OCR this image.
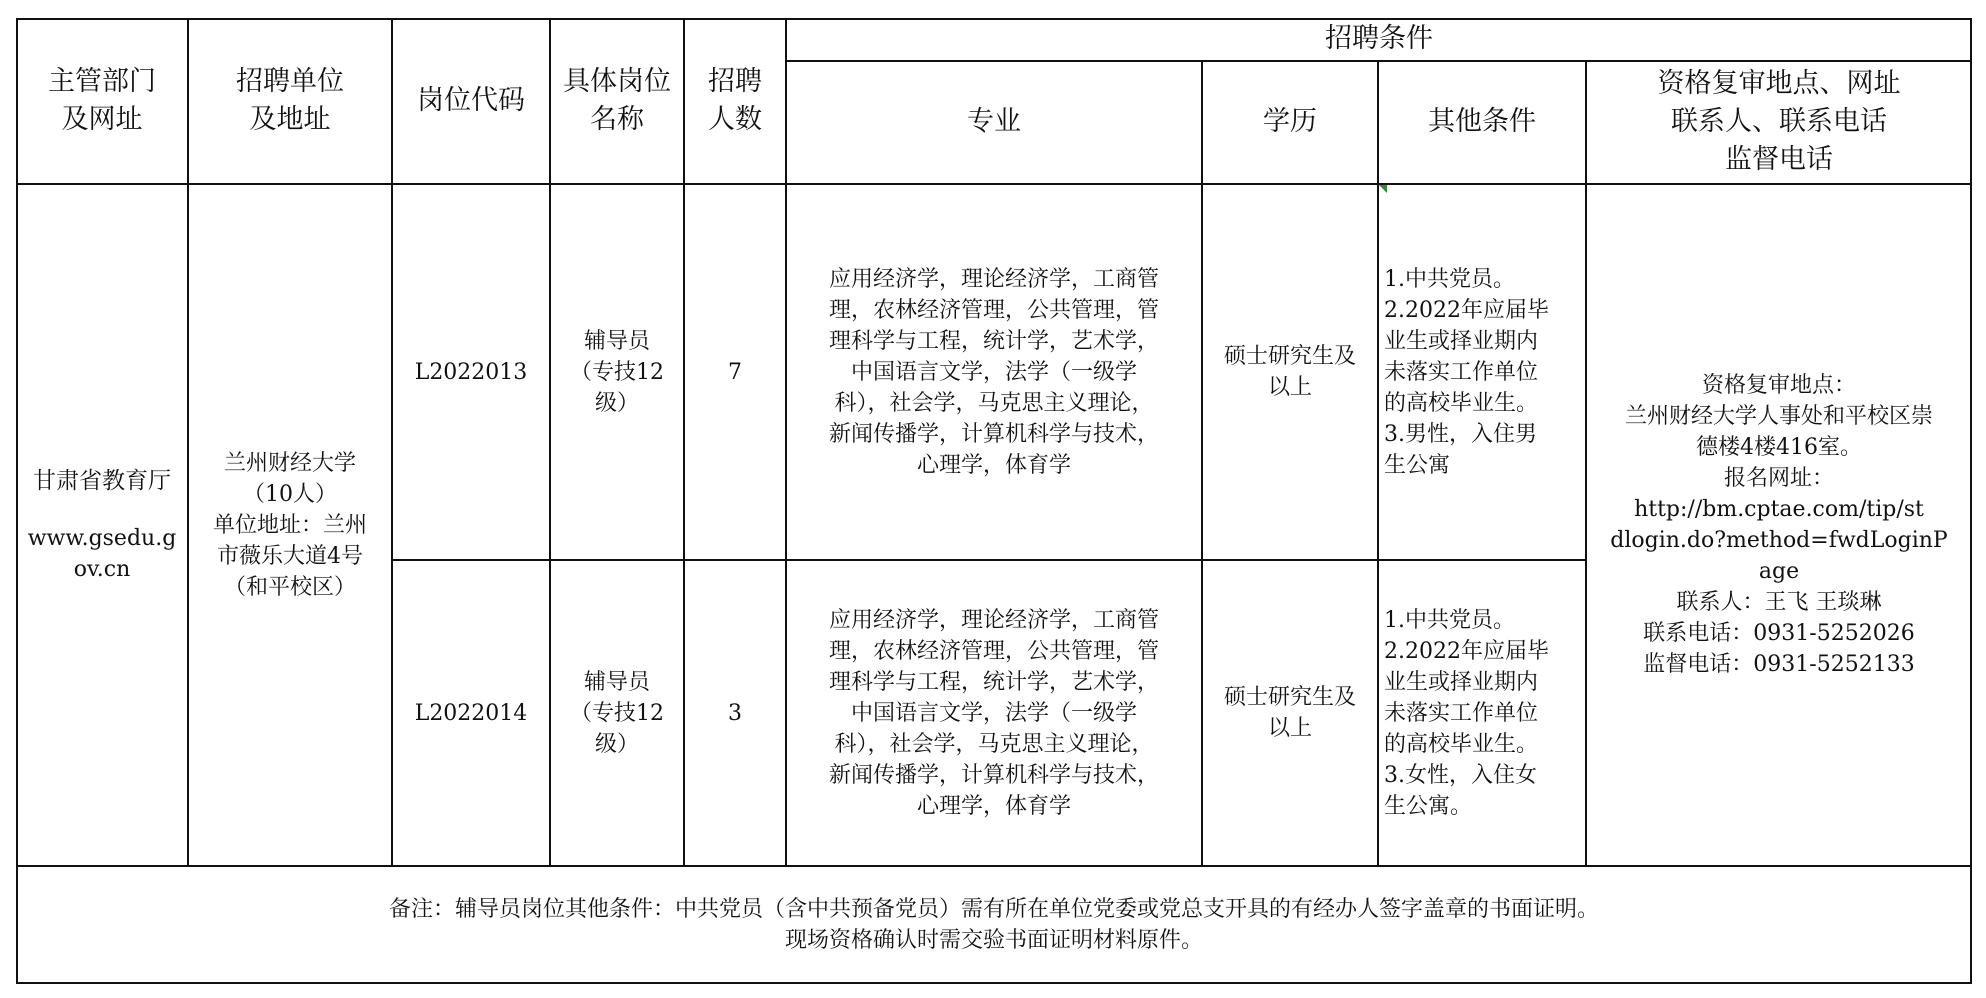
主管部门
及网址
招聘单位
及地址
岗位代码
具体岗位
名称
招聘
人数
招聘条件
专业	学历	其他条件
资格复审地点、网址
联系人、联系电话
监督电话
甘肃省教育厅
www.gsedu.g
ov.cn
兰州财经大学
（10人）
单位地址：兰州
市薇乐大道4号
（和平校区）
L2022013
辅导员
（专技12
级）
7
应用经济学，理论经济学，工商管
理，农林经济管理，公共管理，管
理科学与工程，统计学，艺术学，
中国语言文学，法学（一级学
科），社会学，马克思主义理论，
新闻传播学，计算机科学与技术，
心理学，体育学
硕士研究生及
以上
1.中共党员。
2.2022年应届毕
业生或择业期内
未落实工作单位
的高校毕业生。
3.男性，入住男
生公寓
L2022014
辅导员
（专技12
级）
3
应用经济学，理论经济学，工商管
理，农林经济管理，公共管理，管
理科学与工程，统计学，艺术学，
中国语言文学，法学（一级学
科），社会学，马克思主义理论，
新闻传播学，计算机科学与技术，
心理学，体育学
硕士研究生及
以上
1.中共党员。
2.2022年应届毕
业生或择业期内
未落实工作单位
的高校毕业生。
3.女性，入住女
生公寓。
资格复审地点：
兰州财经大学人事处和平校区崇
德楼4楼416室。
报名网址：
http://bm.cptae.com/tip/st
dlogin.do?method=fwdLoginP
age
联系人：王飞 王琰琳
联系电话：0931-5252026
监督电话：0931-5252133
备注：辅导员岗位其他条件：中共党员（含中共预备党员）需有所在单位党委或党总支开具的有经办人签字盖章的书面证明。
现场资格确认时需交验书面证明材料原件。
